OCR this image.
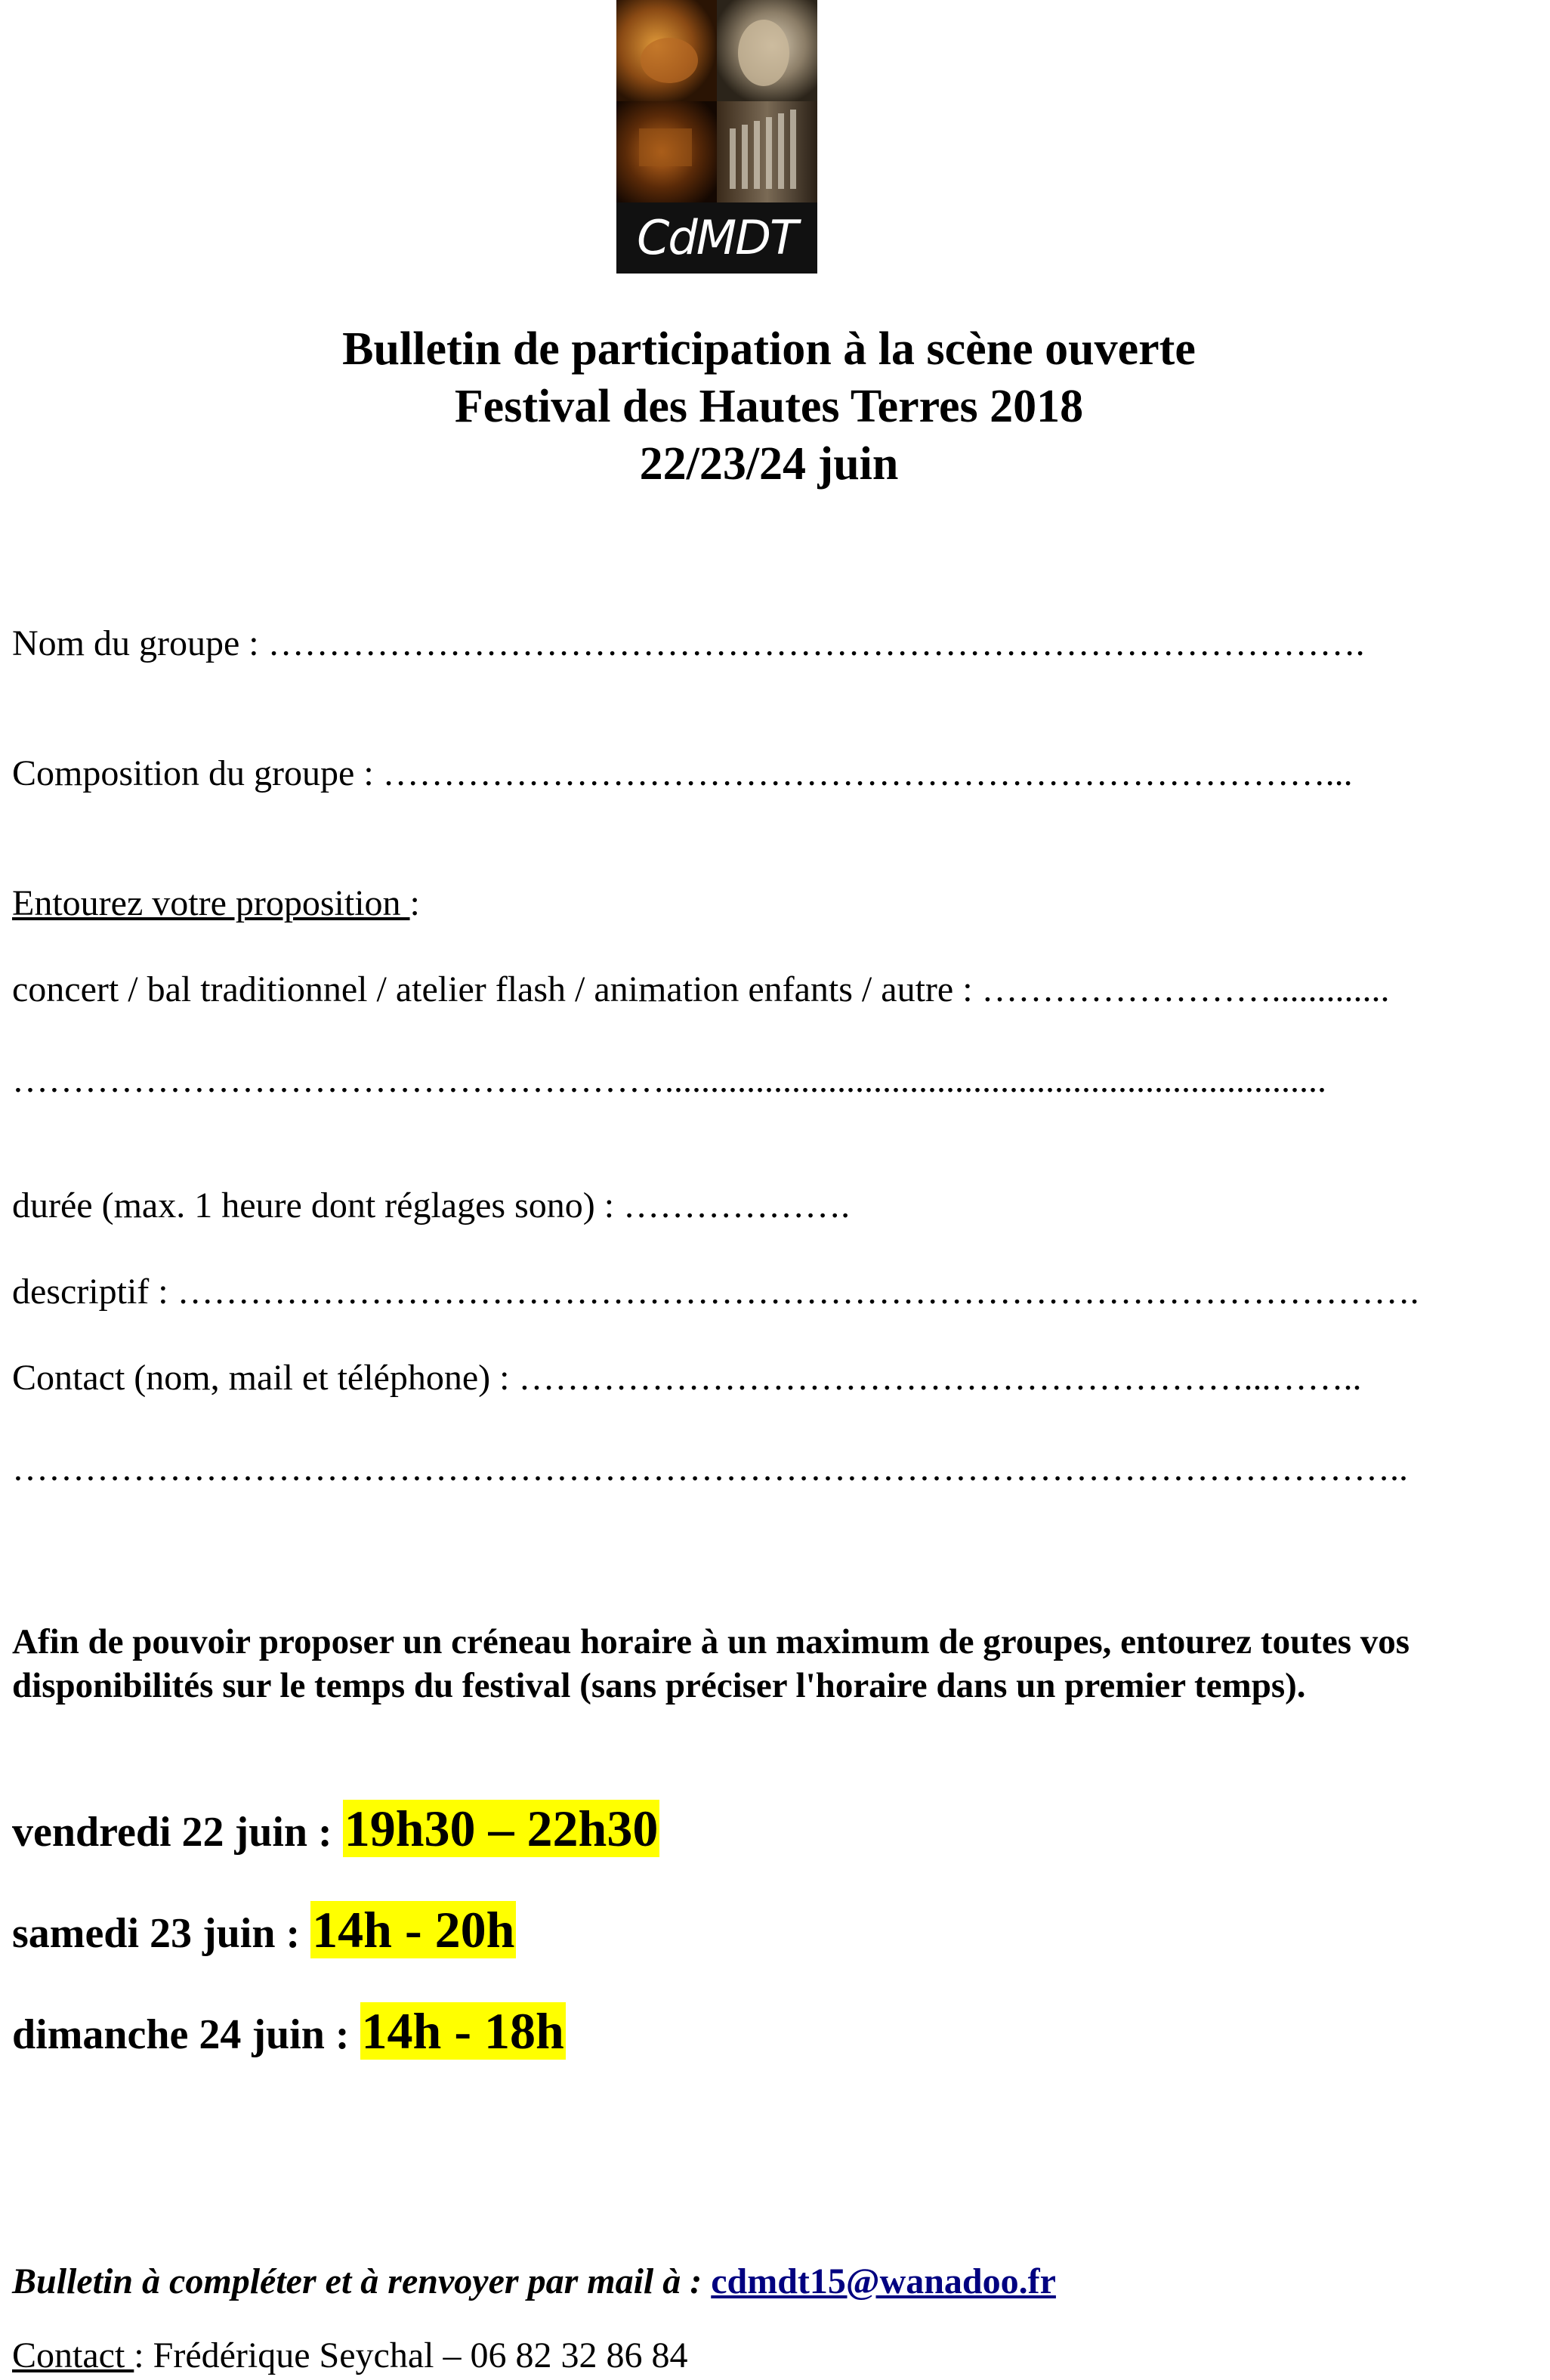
CdMDT 15
Bulletin de participation à la scène ouverte
Festival des Hautes Terres 2018
22/23/24 juin
Nom du groupe : ……………………………………………………………………………….
Composition du groupe : ……………………………………………………………………...
Entourez votre proposition :
concert / bal traditionnel / atelier flash / animation enfants / autre : …………………….............
……………………………………………….........................................................................
durée (max. 1 heure dont réglages sono) : ……………….
descriptif : ………………………………………………………………………………………….
Contact (nom, mail et téléphone) : ……………………………………………………...……..
……………………………………………………………………………………………………..
Afin de pouvoir proposer un créneau horaire à un maximum de groupes, entourez toutes vos
disponibilités sur le temps du festival (sans préciser l'horaire dans un premier temps).
vendredi 22 juin : 19h30 – 22h30
samedi 23 juin : 14h - 20h
dimanche 24 juin : 14h - 18h
Bulletin à compléter et à renvoyer par mail à : cdmdt15@wanadoo.fr
Contact : Frédérique Seychal – 06 82 32 86 84
